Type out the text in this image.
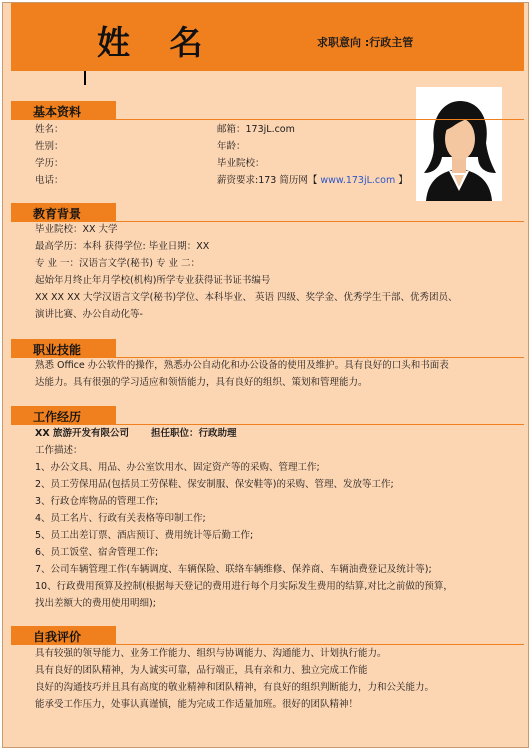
姓 名	求职意向 :行政主管
基本资料
姓名：
性别：
学历：
电话：
邮箱：173jL.com
年龄：
毕业院校：
薪资要求:173 简历网【 www.173jL.com 】
教育背景
毕业院校：XX 大学
最高学历：本科 获得学位: 毕业日期：XX
专 业 一：汉语言文学(秘书) 专 业 二：
起始年月终止年月学校(机构)所学专业获得证书证书编号
XX XX XX 大学汉语言文学(秘书)学位、本科毕业、 英语 四级、奖学金、优秀学生干部、优秀团员、
演讲比赛、办公自动化等-
职业技能
熟悉 Office 办公软件的操作，熟悉办公自动化和办公设备的使用及维护。具有良好的口头和书面表
达能力。具有很强的学习适应和领悟能力，具有良好的组织、策划和管理能力。
工作经历
XX 旅游开发有限公司 担任职位：行政助理
工作描述：
1、办公文具、用品、办公室饮用水、固定资产等的采购、管理工作;
2、员工劳保用品(包括员工劳保鞋、保安制服、保安鞋等)的采购、管理、发放等工作;
3、行政仓库物品的管理工作;
4、员工名片、行政有关表格等印制工作;
5、员工出差订票、酒店预订、费用统计等后勤工作;
6、员工饭堂、宿舍管理工作;
7、公司车辆管理工作(车辆调度、车辆保险、联络车辆维修、保养商、车辆油费登记及统计等);
10、行政费用预算及控制(根据每天登记的费用进行每个月实际发生费用的结算,对比之前做的预算，
找出差额大的费用使用明细);
自我评价
具有较强的领导能力、业务工作能力、组织与协调能力、沟通能力、计划执行能力。
具有良好的团队精神，为人诚实可靠，品行端正，具有亲和力、独立完成工作能
良好的沟通技巧并且具有高度的敬业精神和团队精神，有良好的组织判断能力，力和公关能力。
能承受工作压力，处事认真谨慎，能为完成工作适量加班。很好的团队精神！
